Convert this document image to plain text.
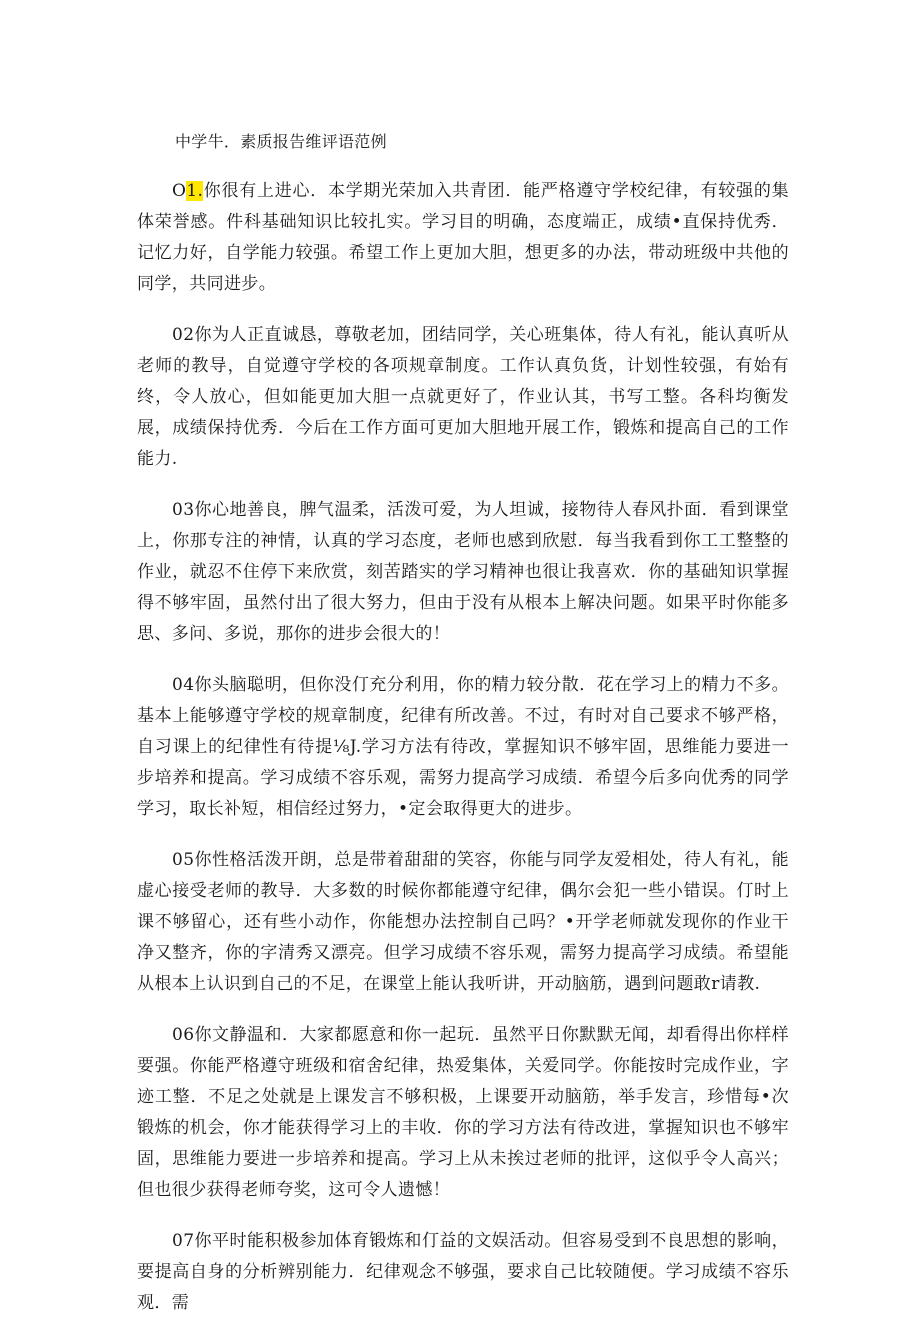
中学牛．素质报告维评语范例

O1.你很有上进心．本学期光荣加入共青团．能严格遵守学校纪律，有较强的集体荣誉感。件科基础知识比较扎实。学习目的明确，态度端正，成绩•直保持优秀．记忆力好，自学能力较强。希望工作上更加大胆，想更多的办法，带动班级中共他的同学，共同进步。

02你为人正直诚恳，尊敬老加，团结同学，关心班集体，待人有礼，能认真听从老师的教导，自觉遵守学校的各项规章制度。工作认真负货，计划性较强，有始有终，令人放心，但如能更加大胆一点就更好了，作业认其，书写工整。各科均衡发展，成绩保持优秀．今后在工作方面可更加大胆地开展工作，锻炼和提高自己的工作能力.

03你心地善良，脾气温柔，活泼可爱，为人坦诚，接物待人春风扑面．看到课堂上，你那专注的神情，认真的学习态度，老师也感到欣慰．每当我看到你工工整整的作业，就忍不住停下来欣赏，刻苦踏实的学习精神也很让我喜欢．你的基础知识掌握得不够牢固，虽然付出了很大努力，但由于没有从根本上解决问题。如果平时你能多思、多问、多说，那你的进步会很大的！

04你头脑聪明，但你没仃充分利用，你的精力较分散．花在学习上的精力不多。基本上能够遵守学校的规章制度，纪律有所改善。不过，有时对自己要求不够严格，自习课上的纪律性有待提⅛J.学习方法有待改，掌握知识不够牢固，思维能力要进一步培养和提高。学习成绩不容乐观，需努力提高学习成绩．希望今后多向优秀的同学学习，取长补短，相信经过努力，•定会取得更大的进步。

05你性格活泼开朗，总是带着甜甜的笑容，你能与同学友爱相处，待人有礼，能虚心接受老师的教导．大多数的时候你都能遵守纪律，偶尔会犯一些小错误。仃时上课不够留心，还有些小动作，你能想办法控制自己吗？•开学老师就发现你的作业干净又整齐，你的字清秀又漂亮。但学习成绩不容乐观，需努力提高学习成绩。希望能从根本上认识到自己的不足，在课堂上能认我听讲，开动脑筋，遇到问题敢r请教.

06你文静温和．大家都愿意和你一起玩．虽然平日你默默无闻，却看得出你样样要强。你能严格遵守班级和宿舍纪律，热爱集体，关爱同学。你能按时完成作业，字迹工整．不足之处就是上课发言不够积极，上课要开动脑筋，举手发言，珍惜每•次锻炼的机会，你才能获得学习上的丰收．你的学习方法有待改进，掌握知识也不够牢固，思维能力要进一步培养和提高。学习上从未挨过老师的批评，这似乎令人高兴；但也很少获得老师夸奖，这可令人遗憾！

07你平时能积极参加体育锻炼和仃益的文娱活动。但容易受到不良思想的影响，要提高自身的分析辨别能力．纪律观念不够强，要求自己比较随便。学习成绩不容乐观．需
